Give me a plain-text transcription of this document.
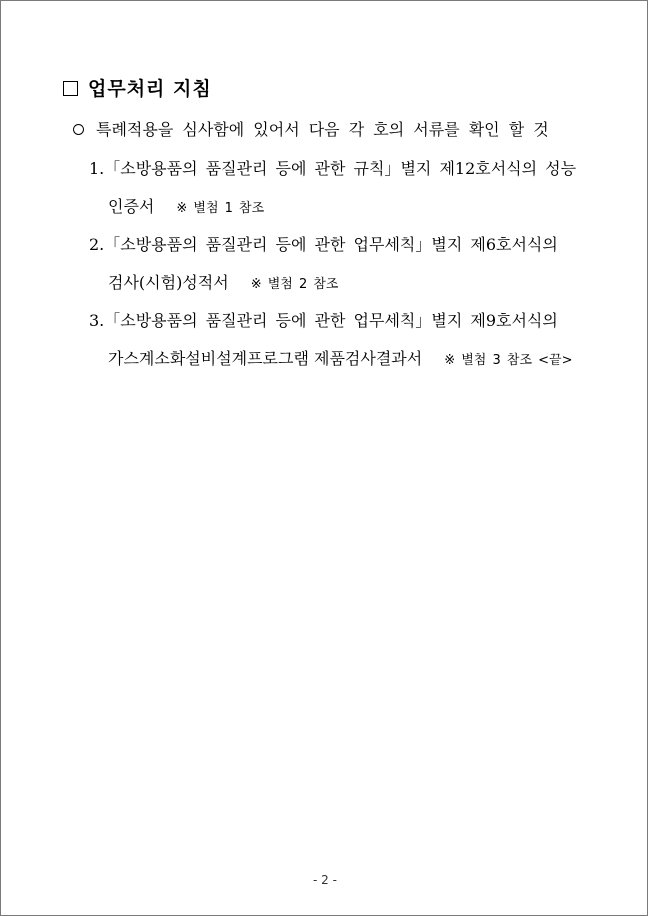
업무처리 지침
특례적용을 심사함에 있어서 다음 각 호의 서류를 확인 할 것
1.「소방용품의 품질관리 등에 관한 규칙」별지 제12호서식의 성능
인증서 ※ 별첨 1 참조
2.「소방용품의 품질관리 등에 관한 업무세칙」별지 제6호서식의
검사(시험)성적서 ※ 별첨 2 참조
3.「소방용품의 품질관리 등에 관한 업무세칙」별지 제9호서식의
가스계소화설비설계프로그램 제품검사결과서 ※ 별첨 3 참조 <끝>
- 2 -
